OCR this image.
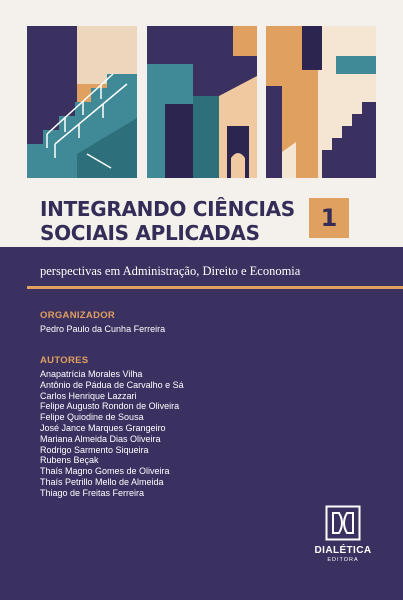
INTEGRANDO CIÊNCIAS
SOCIAIS APLICADAS
1
perspectivas em Administração, Direito e Economia
ORGANIZADOR
Pedro Paulo da Cunha Ferreira
AUTORES
Anapatrícia Morales Vilha
Antônio de Pádua de Carvalho e Sá
Carlos Henrique Lazzari
Felipe Augusto Rondon de Oliveira
Felipe Quiodine de Sousa
José Jance Marques Grangeiro
Mariana Almeida Dias Oliveira
Rodrigo Sarmento Siqueira
Rubens Beçak
Thaís Magno Gomes de Oliveira
Thaís Petrillo Mello de Almeida
Thiago de Freitas Ferreira
DIALÉTICA
EDITORA
